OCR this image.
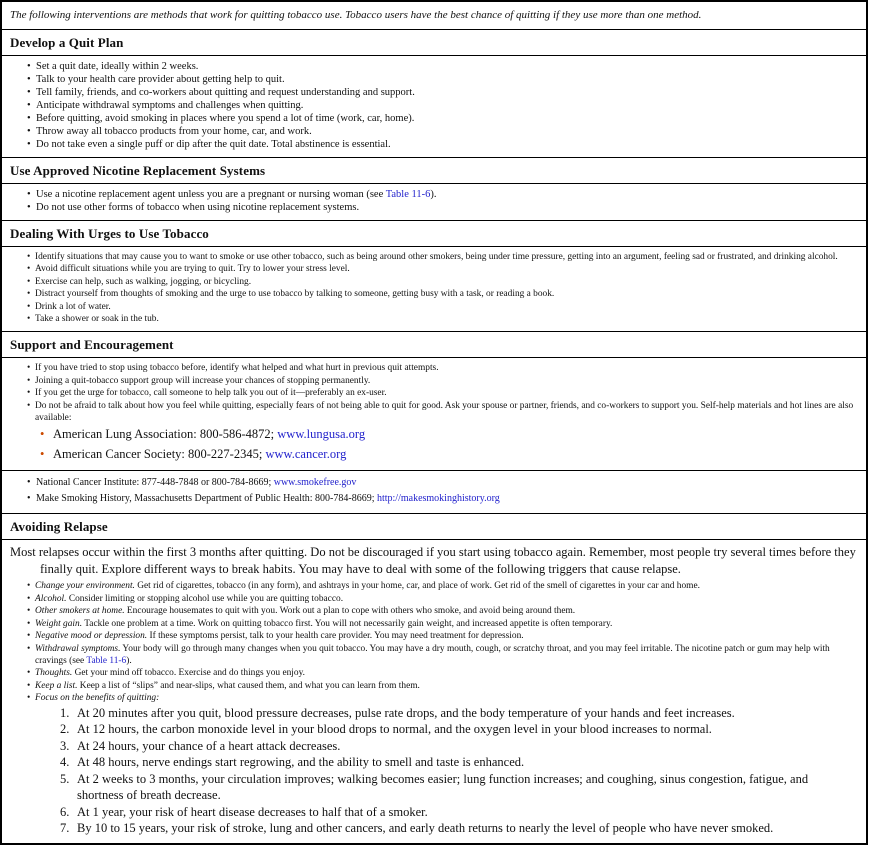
The following interventions are methods that work for quitting tobacco use. Tobacco users have the best chance of quitting if they use more than one method.
Develop a Quit Plan
• Set a quit date, ideally within 2 weeks.
• Talk to your health care provider about getting help to quit.
• Tell family, friends, and co-workers about quitting and request understanding and support.
• Anticipate withdrawal symptoms and challenges when quitting.
• Before quitting, avoid smoking in places where you spend a lot of time (work, car, home).
• Throw away all tobacco products from your home, car, and work.
• Do not take even a single puff or dip after the quit date. Total abstinence is essential.
Use Approved Nicotine Replacement Systems
• Use a nicotine replacement agent unless you are a pregnant or nursing woman (see Table 11-6).
• Do not use other forms of tobacco when using nicotine replacement systems.
Dealing With Urges to Use Tobacco
• Identify situations that may cause you to want to smoke or use other tobacco, such as being around other smokers, being under time pressure, getting into an argument, feeling sad or frustrated, and drinking alcohol.
• Avoid difficult situations while you are trying to quit. Try to lower your stress level.
• Exercise can help, such as walking, jogging, or bicycling.
• Distract yourself from thoughts of smoking and the urge to use tobacco by talking to someone, getting busy with a task, or reading a book.
• Drink a lot of water.
• Take a shower or soak in the tub.
Support and Encouragement
• If you have tried to stop using tobacco before, identify what helped and what hurt in previous quit attempts.
• Joining a quit-tobacco support group will increase your chances of stopping permanently.
• If you get the urge for tobacco, call someone to help talk you out of it—preferably an ex-user.
• Do not be afraid to talk about how you feel while quitting, especially fears of not being able to quit for good. Ask your spouse or partner, friends, and co-workers to support you. Self-help materials and hot lines are also available:
• American Lung Association: 800-586-4872; www.lungusa.org
• American Cancer Society: 800-227-2345; www.cancer.org
• National Cancer Institute: 877-448-7848 or 800-784-8669; www.smokefree.gov
• Make Smoking History, Massachusetts Department of Public Health: 800-784-8669; http://makesmokinghistory.org
Avoiding Relapse
Most relapses occur within the first 3 months after quitting. Do not be discouraged if you start using tobacco again. Remember, most people try several times before they finally quit. Explore different ways to break habits. You may have to deal with some of the following triggers that cause relapse.
• Change your environment. Get rid of cigarettes, tobacco (in any form), and ashtrays in your home, car, and place of work. Get rid of the smell of cigarettes in your car and home.
• Alcohol. Consider limiting or stopping alcohol use while you are quitting tobacco.
• Other smokers at home. Encourage housemates to quit with you. Work out a plan to cope with others who smoke, and avoid being around them.
• Weight gain. Tackle one problem at a time. Work on quitting tobacco first. You will not necessarily gain weight, and increased appetite is often temporary.
• Negative mood or depression. If these symptoms persist, talk to your health care provider. You may need treatment for depression.
• Withdrawal symptoms. Your body will go through many changes when you quit tobacco. You may have a dry mouth, cough, or scratchy throat, and you may feel irritable. The nicotine patch or gum may help with cravings (see Table 11-6).
• Thoughts. Get your mind off tobacco. Exercise and do things you enjoy.
• Keep a list. Keep a list of “slips” and near-slips, what caused them, and what you can learn from them.
• Focus on the benefits of quitting:
1. At 20 minutes after you quit, blood pressure decreases, pulse rate drops, and the body temperature of your hands and feet increases.
2. At 12 hours, the carbon monoxide level in your blood drops to normal, and the oxygen level in your blood increases to normal.
3. At 24 hours, your chance of a heart attack decreases.
4. At 48 hours, nerve endings start regrowing, and the ability to smell and taste is enhanced.
5. At 2 weeks to 3 months, your circulation improves; walking becomes easier; lung function increases; and coughing, sinus congestion, fatigue, and shortness of breath decrease.
6. At 1 year, your risk of heart disease decreases to half that of a smoker.
7. By 10 to 15 years, your risk of stroke, lung and other cancers, and early death returns to nearly the level of people who have never smoked.
